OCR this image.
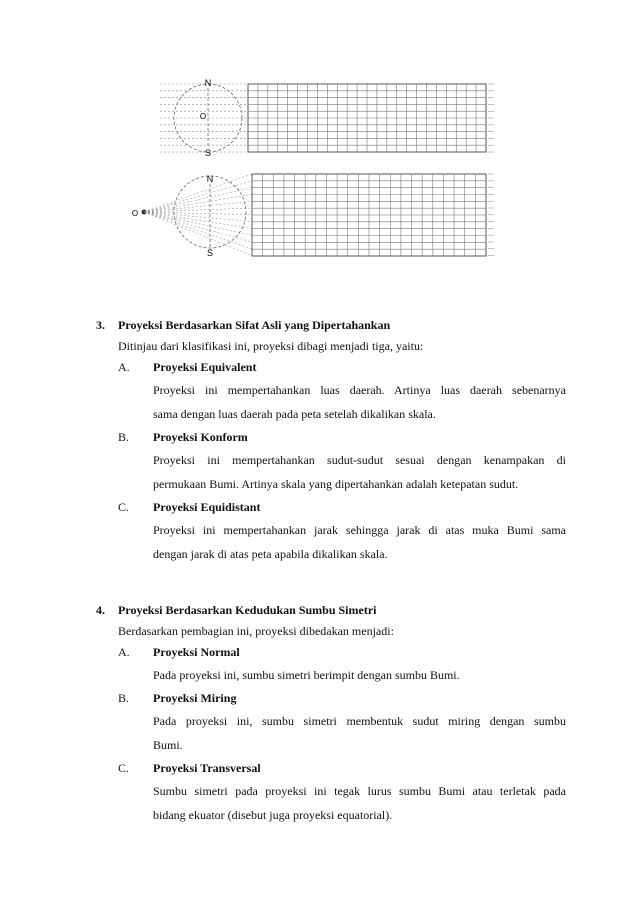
N
O
S
N
O
S
3. Proyeksi Berdasarkan Sifat Asli yang Dipertahankan
Ditinjau dari klasifikasi ini, proyeksi dibagi menjadi tiga, yaitu:
A. Proyeksi Equivalent
Proyeksi ini mempertahankan luas daerah. Artinya luas daerah sebenarnya
sama dengan luas daerah pada peta setelah dikalikan skala.
B. Proyeksi Konform
Proyeksi ini mempertahankan sudut-sudut sesuai dengan kenampakan di
permukaan Bumi. Artinya skala yang dipertahankan adalah ketepatan sudut.
C. Proyeksi Equidistant
Proyeksi ini mempertahankan jarak sehingga jarak di atas muka Bumi sama
dengan jarak di atas peta apabila dikalikan skala.
4. Proyeksi Berdasarkan Kedudukan Sumbu Simetri
Berdasarkan pembagian ini, proyeksi dibedakan menjadi:
A. Proyeksi Normal
Pada proyeksi ini, sumbu simetri berimpit dengan sumbu Bumi.
B. Proyeksi Miring
Pada proyeksi ini, sumbu simetri membentuk sudut miring dengan sumbu
Bumi.
C. Proyeksi Transversal
Sumbu simetri pada proyeksi ini tegak lurus sumbu Bumi atau terletak pada
bidang ekuator (disebut juga proyeksi equatorial).
